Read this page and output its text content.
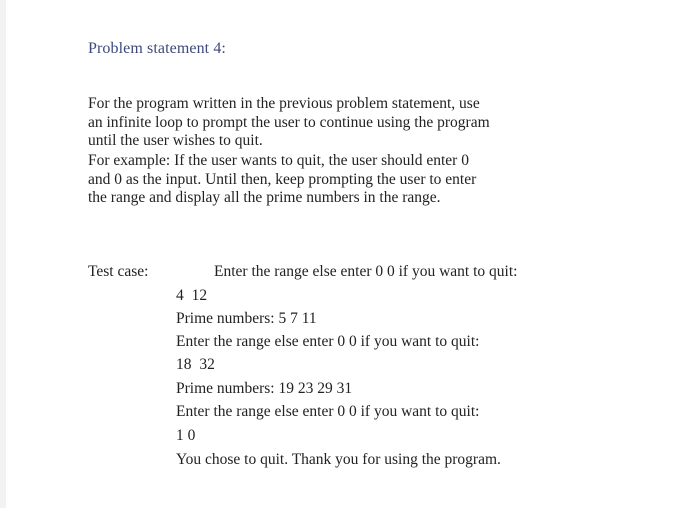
Problem statement 4:
For the program written in the previous problem statement, use
an infinite loop to prompt the user to continue using the program
until the user wishes to quit.
For example: If the user wants to quit, the user should enter 0
and 0 as the input. Until then, keep prompting the user to enter
the range and display all the prime numbers in the range.
Test case:	Enter the range else enter 0 0 if you want to quit:
4 12
Prime numbers: 5 7 11
Enter the range else enter 0 0 if you want to quit:
18 32
Prime numbers: 19 23 29 31
Enter the range else enter 0 0 if you want to quit:
1 0
You chose to quit. Thank you for using the program.
